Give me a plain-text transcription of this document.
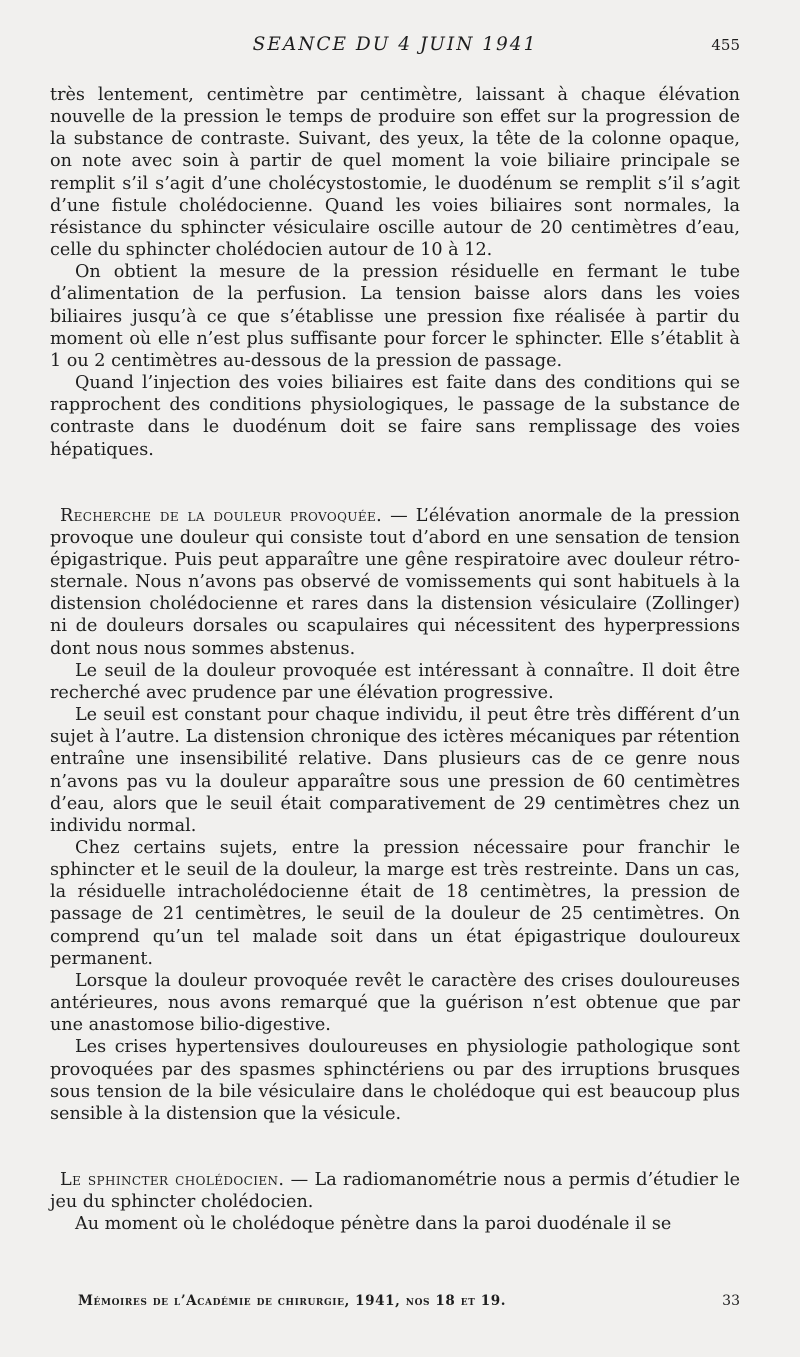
SEANCE DU 4 JUIN 1941	455

très lentement, centimètre par centimètre, laissant à chaque élévation nouvelle de la pression le temps de produire son effet sur la progression de la substance de contraste. Suivant, des yeux, la tête de la colonne opaque, on note avec soin à partir de quel moment la voie biliaire principale se remplit s’il s’agit d’une cholécystostomie, le duodénum se remplit s’il s’agit d’une fistule cholédocienne. Quand les voies biliaires sont normales, la résistance du sphincter vésiculaire oscille autour de 20 centimètres d’eau, celle du sphincter cholédocien autour de 10 à 12.

On obtient la mesure de la pression résiduelle en fermant le tube d’alimentation de la perfusion. La tension baisse alors dans les voies biliaires jusqu’à ce que s’établisse une pression fixe réalisée à partir du moment où elle n’est plus suffisante pour forcer le sphincter. Elle s’établit à 1 ou 2 centimètres au-dessous de la pression de passage.

Quand l’injection des voies biliaires est faite dans des conditions qui se rapprochent des conditions physiologiques, le passage de la substance de contraste dans le duodénum doit se faire sans remplissage des voies hépatiques.

Recherche de la douleur provoquée. — L’élévation anormale de la pression provoque une douleur qui consiste tout d’abord en une sensation de tension épigastrique. Puis peut apparaître une gêne respiratoire avec douleur rétro-sternale. Nous n’avons pas observé de vomissements qui sont habituels à la distension cholédocienne et rares dans la distension vésiculaire (Zollinger) ni de douleurs dorsales ou scapulaires qui nécessitent des hyperpressions dont nous nous sommes abstenus.

Le seuil de la douleur provoquée est intéressant à connaître. Il doit être recherché avec prudence par une élévation progressive.

Le seuil est constant pour chaque individu, il peut être très différent d’un sujet à l’autre. La distension chronique des ictères mécaniques par rétention entraîne une insensibilité relative. Dans plusieurs cas de ce genre nous n’avons pas vu la douleur apparaître sous une pression de 60 centimètres d’eau, alors que le seuil était comparativement de 29 centimètres chez un individu normal.

Chez certains sujets, entre la pression nécessaire pour franchir le sphincter et le seuil de la douleur, la marge est très restreinte. Dans un cas, la résiduelle intracholédocienne était de 18 centimètres, la pression de passage de 21 centimètres, le seuil de la douleur de 25 centimètres. On comprend qu’un tel malade soit dans un état épigastrique douloureux permanent.

Lorsque la douleur provoquée revêt le caractère des crises douloureuses antérieures, nous avons remarqué que la guérison n’est obtenue que par une anastomose bilio-digestive.

Les crises hypertensives douloureuses en physiologie pathologique sont provoquées par des spasmes sphinctériens ou par des irruptions brusques sous tension de la bile vésiculaire dans le cholédoque qui est beaucoup plus sensible à la distension que la vésicule.

Le sphincter cholédocien. — La radiomanométrie nous a permis d’étudier le jeu du sphincter cholédocien.

Au moment où le cholédoque pénètre dans la paroi duodénale il se

Mémoires de l’Académie de chirurgie, 1941, nos 18 et 19.	33
